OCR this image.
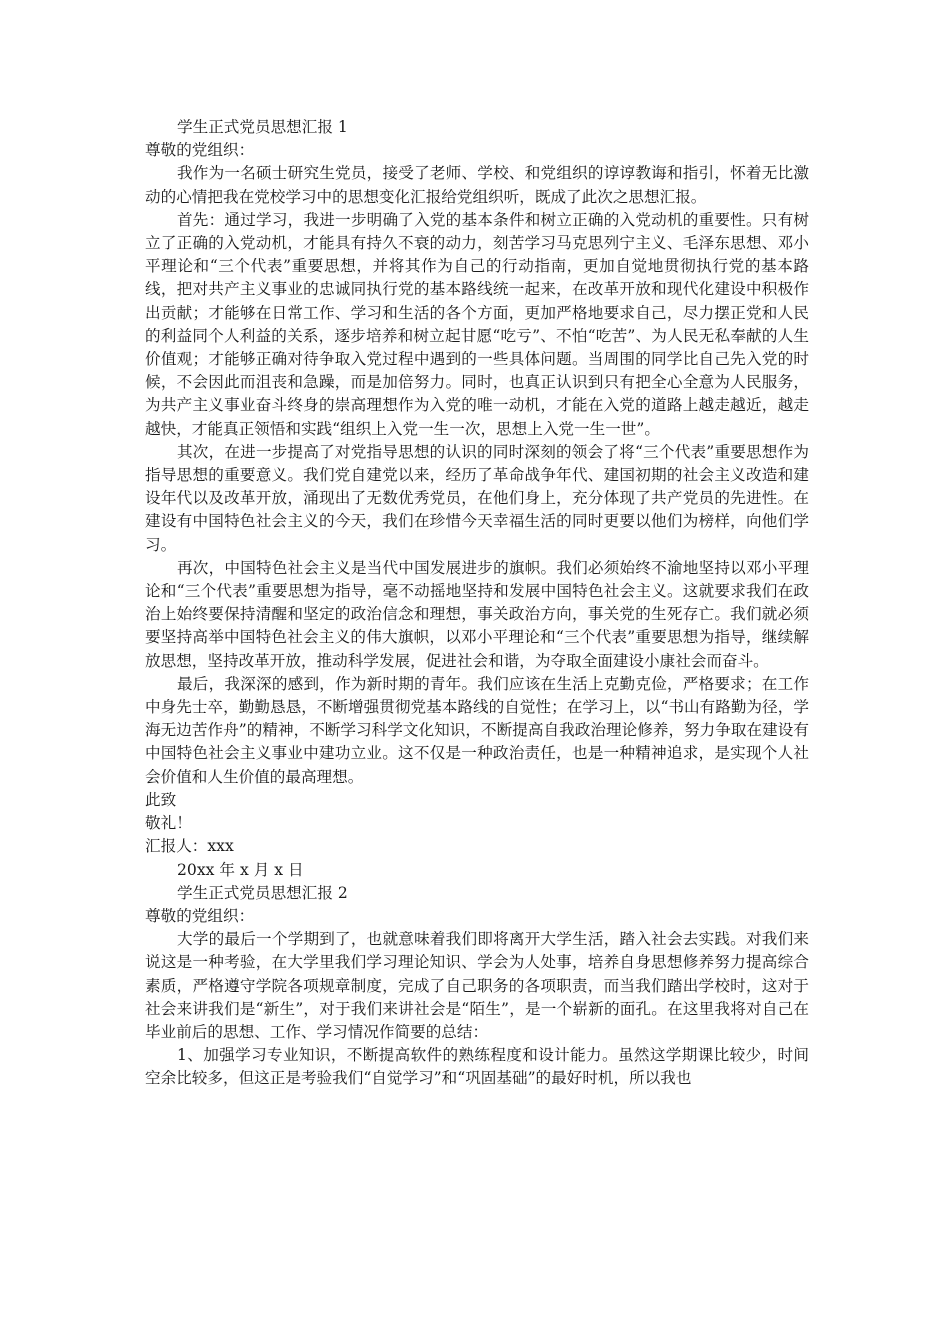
学生正式党员思想汇报 1
尊敬的党组织：

我作为一名硕士研究生党员，接受了老师、学校、和党组织的谆谆教诲和指引，怀着无比激动的心情把我在党校学习中的思想变化汇报给党组织听，既成了此次之思想汇报。

首先：通过学习，我进一步明确了入党的基本条件和树立正确的入党动机的重要性。只有树立了正确的入党动机，才能具有持久不衰的动力，刻苦学习马克思列宁主义、毛泽东思想、邓小平理论和“三个代表”重要思想，并将其作为自己的行动指南，更加自觉地贯彻执行党的基本路线，把对共产主义事业的忠诚同执行党的基本路线统一起来，在改革开放和现代化建设中积极作出贡献；才能够在日常工作、学习和生活的各个方面，更加严格地要求自己，尽力摆正党和人民的利益同个人利益的关系，逐步培养和树立起甘愿“吃亏”、不怕“吃苦”、为人民无私奉献的人生价值观；才能够正确对待争取入党过程中遇到的一些具体问题。当周围的同学比自己先入党的时候，不会因此而沮丧和急躁，而是加倍努力。同时，也真正认识到只有把全心全意为人民服务，为共产主义事业奋斗终身的崇高理想作为入党的唯一动机，才能在入党的道路上越走越近，越走越快，才能真正领悟和实践“组织上入党一生一次，思想上入党一生一世”。

其次，在进一步提高了对党指导思想的认识的同时深刻的领会了将“三个代表”重要思想作为指导思想的重要意义。我们党自建党以来，经历了革命战争年代、建国初期的社会主义改造和建设年代以及改革开放，涌现出了无数优秀党员，在他们身上，充分体现了共产党员的先进性。在建设有中国特色社会主义的今天，我们在珍惜今天幸福生活的同时更要以他们为榜样，向他们学习。

再次，中国特色社会主义是当代中国发展进步的旗帜。我们必须始终不渝地坚持以邓小平理论和“三个代表”重要思想为指导，毫不动摇地坚持和发展中国特色社会主义。这就要求我们在政治上始终要保持清醒和坚定的政治信念和理想，事关政治方向，事关党的生死存亡。我们就必须要坚持高举中国特色社会主义的伟大旗帜，以邓小平理论和“三个代表”重要思想为指导，继续解放思想，坚持改革开放，推动科学发展，促进社会和谐，为夺取全面建设小康社会而奋斗。

最后，我深深的感到，作为新时期的青年。我们应该在生活上克勤克俭，严格要求；在工作中身先士卒，勤勤恳恳，不断增强贯彻党基本路线的自觉性；在学习上，以“书山有路勤为径，学海无边苦作舟”的精神，不断学习科学文化知识，不断提高自我政治理论修养，努力争取在建设有中国特色社会主义事业中建功立业。这不仅是一种政治责任，也是一种精神追求，是实现个人社会价值和人生价值的最高理想。

此致
敬礼！
汇报人：xxx
20xx 年 x 月 x 日
学生正式党员思想汇报 2
尊敬的党组织：

大学的最后一个学期到了，也就意味着我们即将离开大学生活，踏入社会去实践。对我们来说这是一种考验，在大学里我们学习理论知识、学会为人处事，培养自身思想修养努力提高综合素质，严格遵守学院各项规章制度，完成了自己职务的各项职责，而当我们踏出学校时，这对于社会来讲我们是“新生”，对于我们来讲社会是“陌生”，是一个崭新的面孔。在这里我将对自己在毕业前后的思想、工作、学习情况作简要的总结：

1、加强学习专业知识，不断提高软件的熟练程度和设计能力。虽然这学期课比较少，时间空余比较多，但这正是考验我们“自觉学习”和“巩固基础”的最好时机，所以我也
